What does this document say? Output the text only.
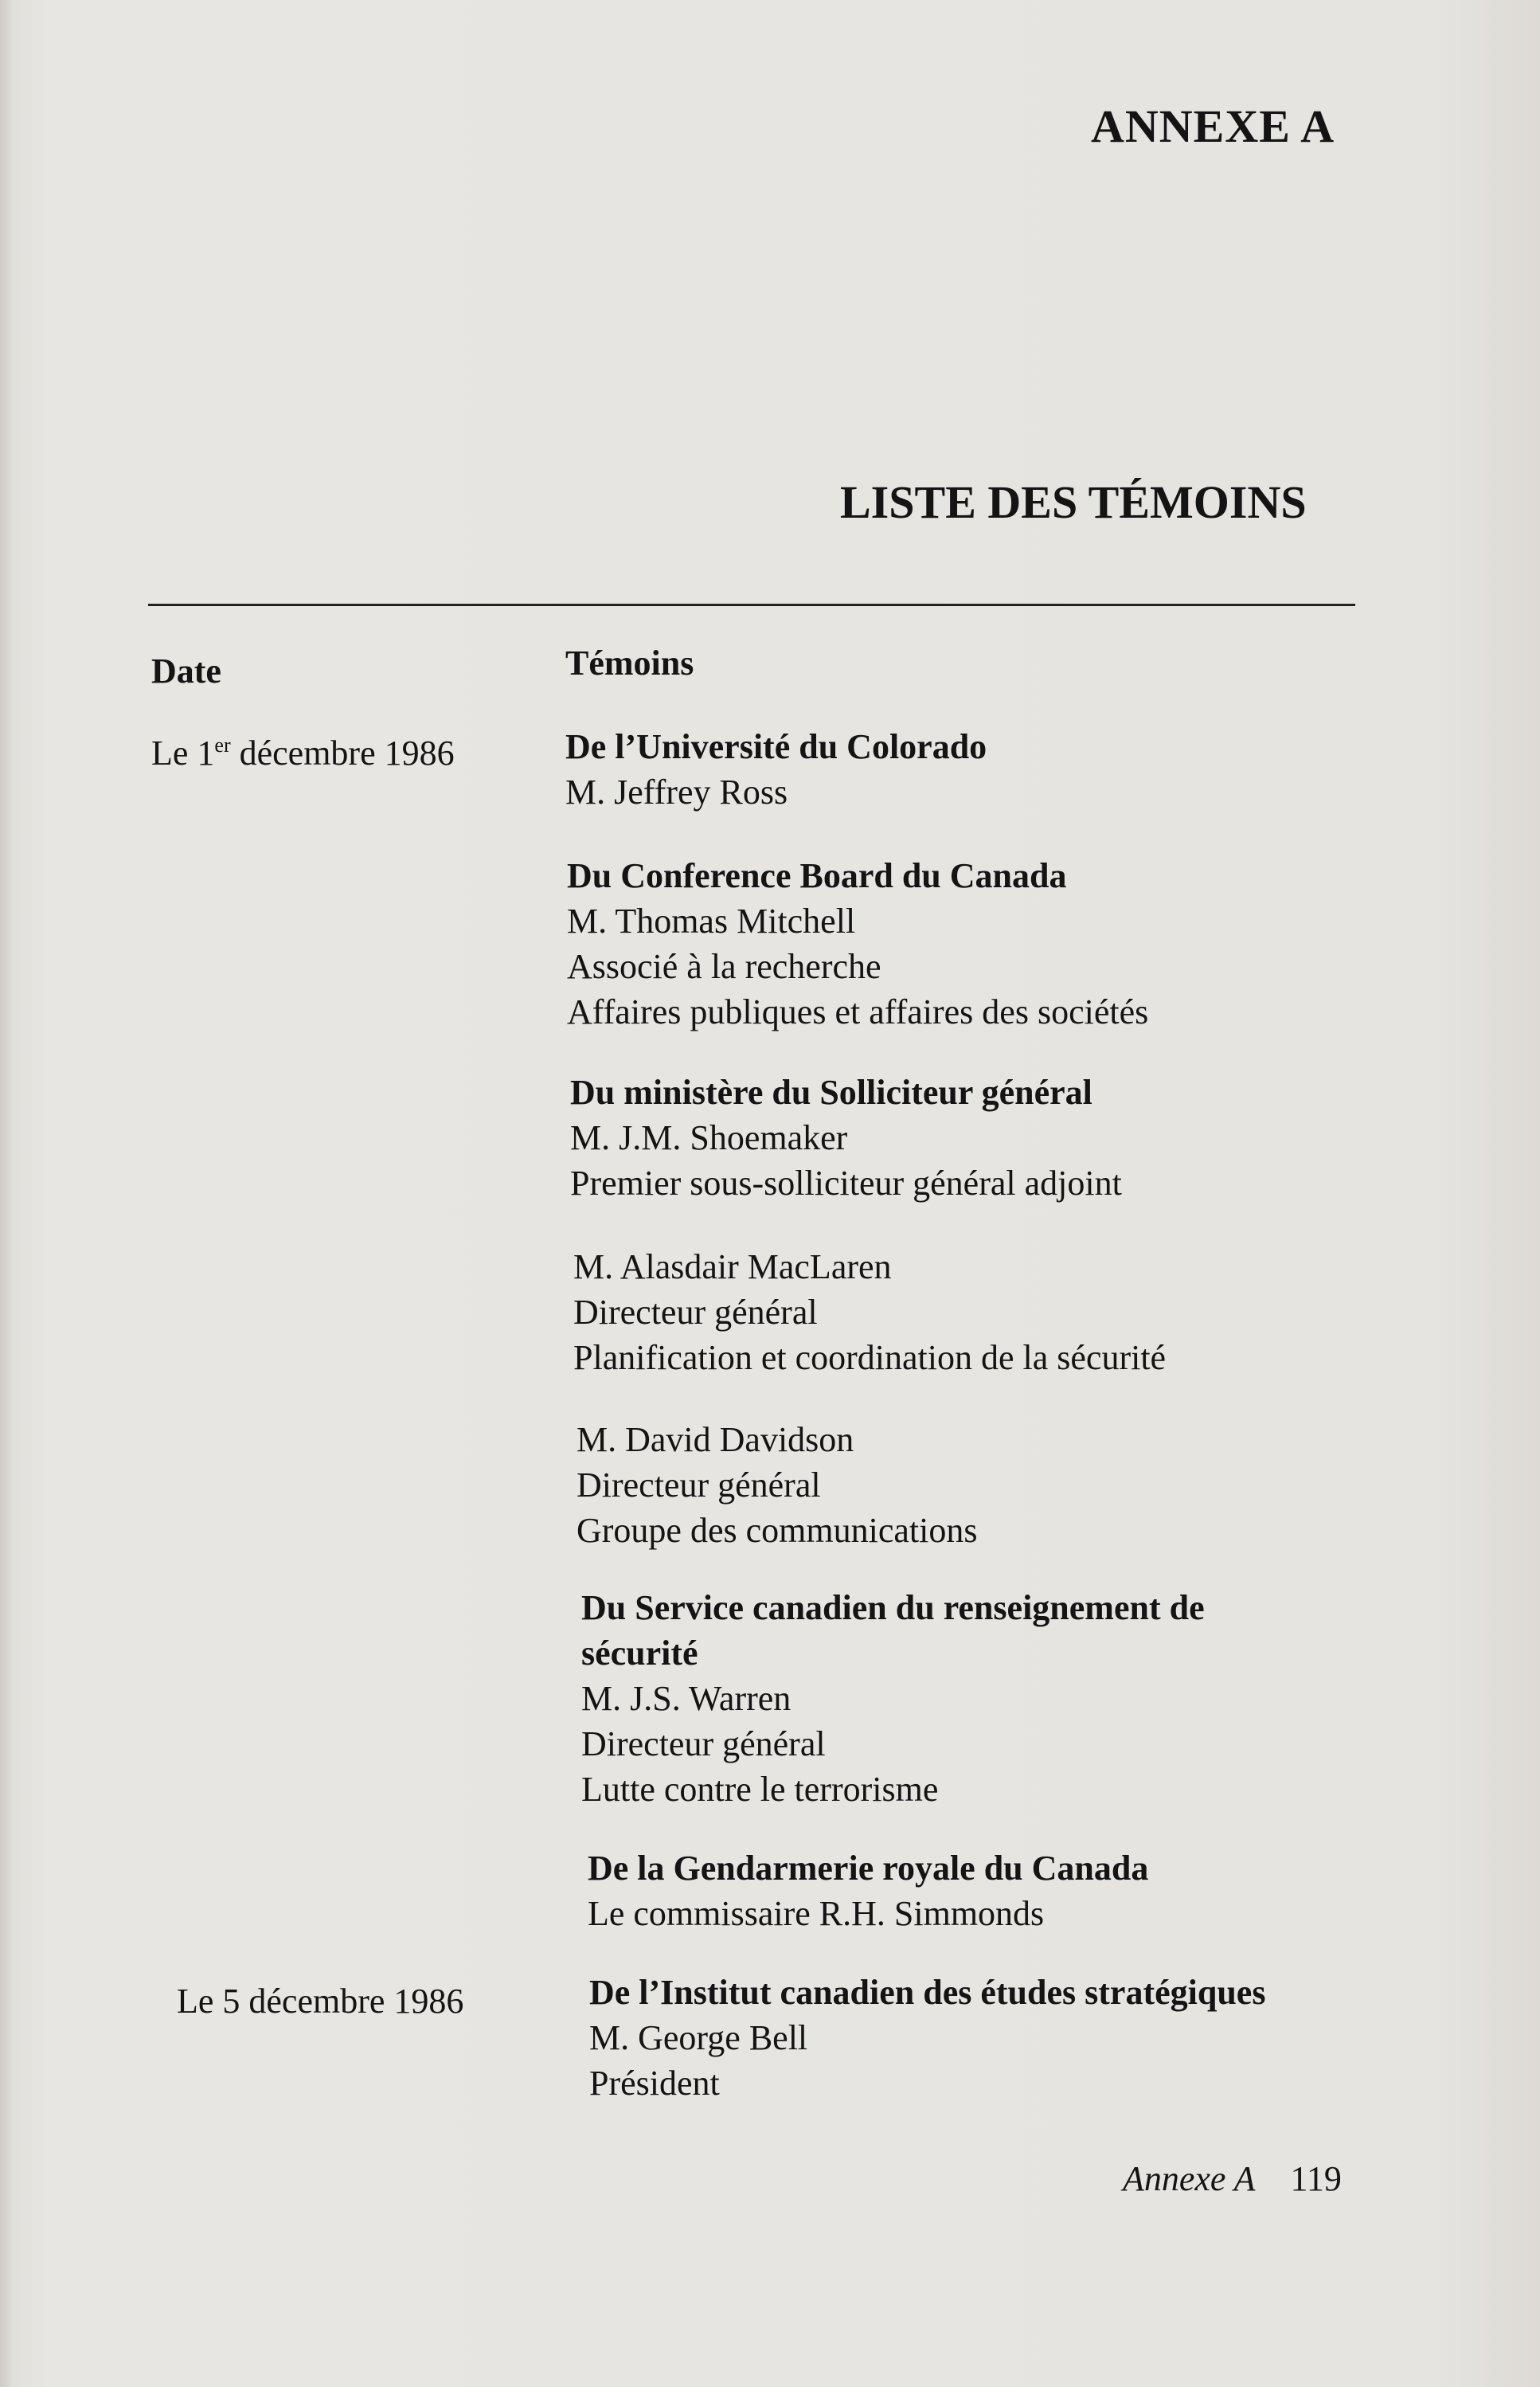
ANNEXE A
LISTE DES TÉMOINS
Date	Témoins
Le 1er décembre 1986
Le 5 décembre 1986
De l’Université du Colorado
M. Jeffrey Ross
Du Conference Board du Canada
M. Thomas Mitchell
Associé à la recherche
Affaires publiques et affaires des sociétés
Du ministère du Solliciteur général
M. J.M. Shoemaker
Premier sous-solliciteur général adjoint
M. Alasdair MacLaren
Directeur général
Planification et coordination de la sécurité
M. David Davidson
Directeur général
Groupe des communications
Du Service canadien du renseignement de
sécurité
M. J.S. Warren
Directeur général
Lutte contre le terrorisme
De la Gendarmerie royale du Canada
Le commissaire R.H. Simmonds
De l’Institut canadien des études stratégiques
M. George Bell
Président
Annexe A 119
